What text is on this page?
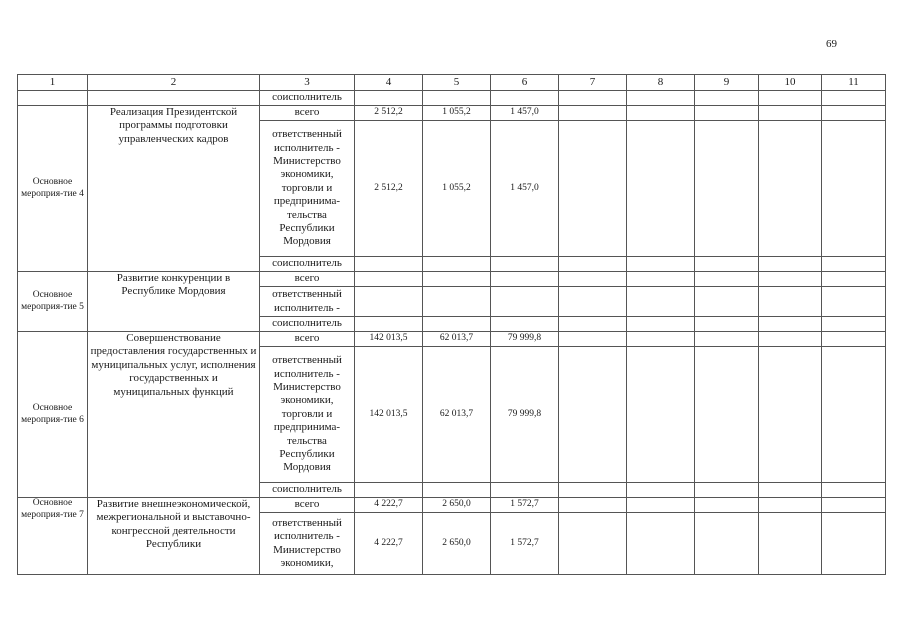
69
1	2	3	4	5	6	7	8	9	10	11
		соисполнитель								
Основное мероприя-тие 4	Реализация Президентской программы подготовки управленческих кадров	всего	2 512,2	1 055,2	1 457,0					
		ответственный исполнитель - Министерство экономики, торговли и предпринима-тельства Республики Мордовия	2 512,2	1 055,2	1 457,0					
		соисполнитель								
Основное мероприя-тие 5	Развитие конкуренции в Республике Мордовия	всего								
		ответственный исполнитель -								
		соисполнитель								
Основное мероприя-тие 6	Совершенствование предоставления государственных и муниципальных услуг, исполнения государственных и муниципальных функций	всего	142 013,5	62 013,7	79 999,8					
		ответственный исполнитель - Министерство экономики, торговли и предпринима-тельства Республики Мордовия	142 013,5	62 013,7	79 999,8					
		соисполнитель								
Основное мероприя-тие 7	Развитие внешнеэкономической, межрегиональной и выставочно-конгрессной деятельности Республики	всего	4 222,7	2 650,0	1 572,7					
		ответственный исполнитель - Министерство экономики,	4 222,7	2 650,0	1 572,7					
